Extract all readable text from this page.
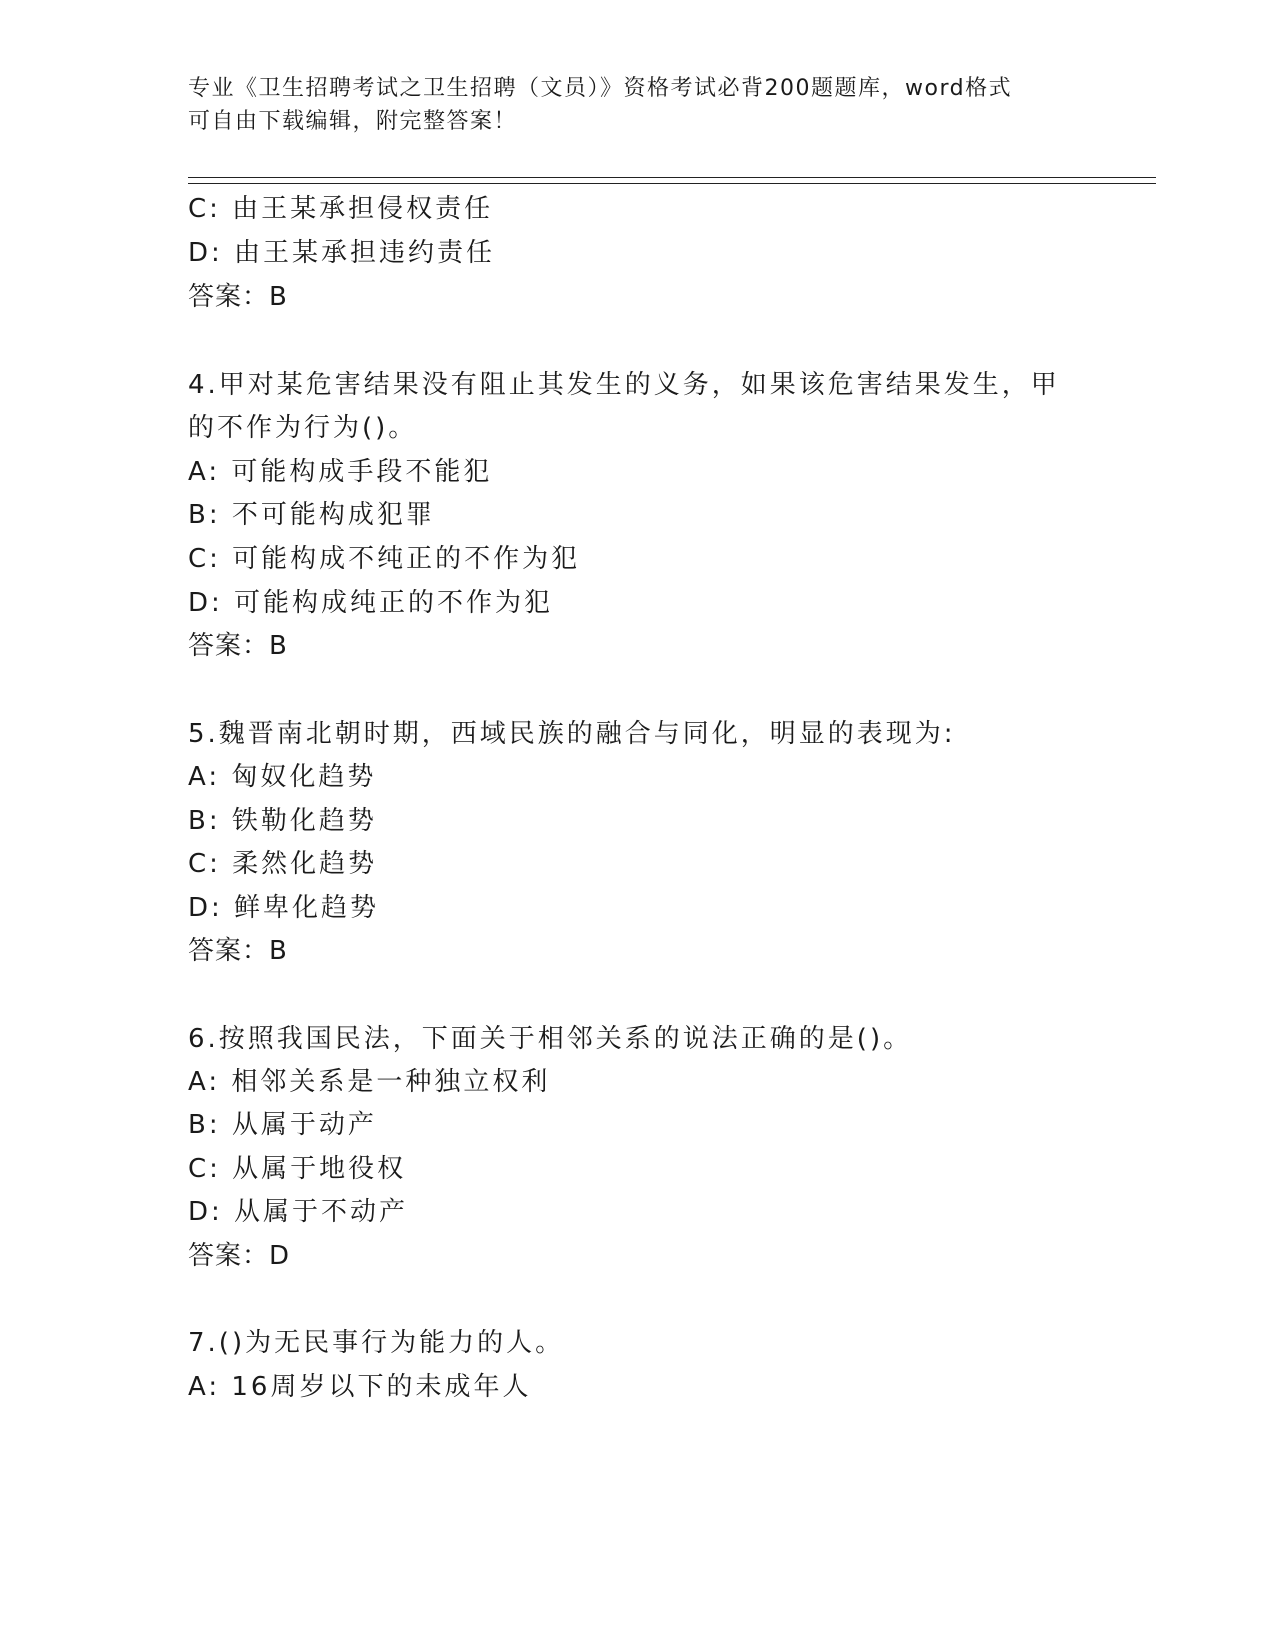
专业《卫生招聘考试之卫生招聘（文员）》资格考试必背200题题库，word格式
可自由下载编辑，附完整答案！
C: 由王某承担侵权责任
D: 由王某承担违约责任
答案：B
4.甲对某危害结果没有阻止其发生的义务，如果该危害结果发生，甲
的不作为行为()。
A: 可能构成手段不能犯
B: 不可能构成犯罪
C: 可能构成不纯正的不作为犯
D: 可能构成纯正的不作为犯
答案：B
5.魏晋南北朝时期，西域民族的融合与同化，明显的表现为:
A: 匈奴化趋势
B: 铁勒化趋势
C: 柔然化趋势
D: 鲜卑化趋势
答案：B
6.按照我国民法，下面关于相邻关系的说法正确的是()。
A: 相邻关系是一种独立权利
B: 从属于动产
C: 从属于地役权
D: 从属于不动产
答案：D
7.()为无民事行为能力的人。
A: 16周岁以下的未成年人
